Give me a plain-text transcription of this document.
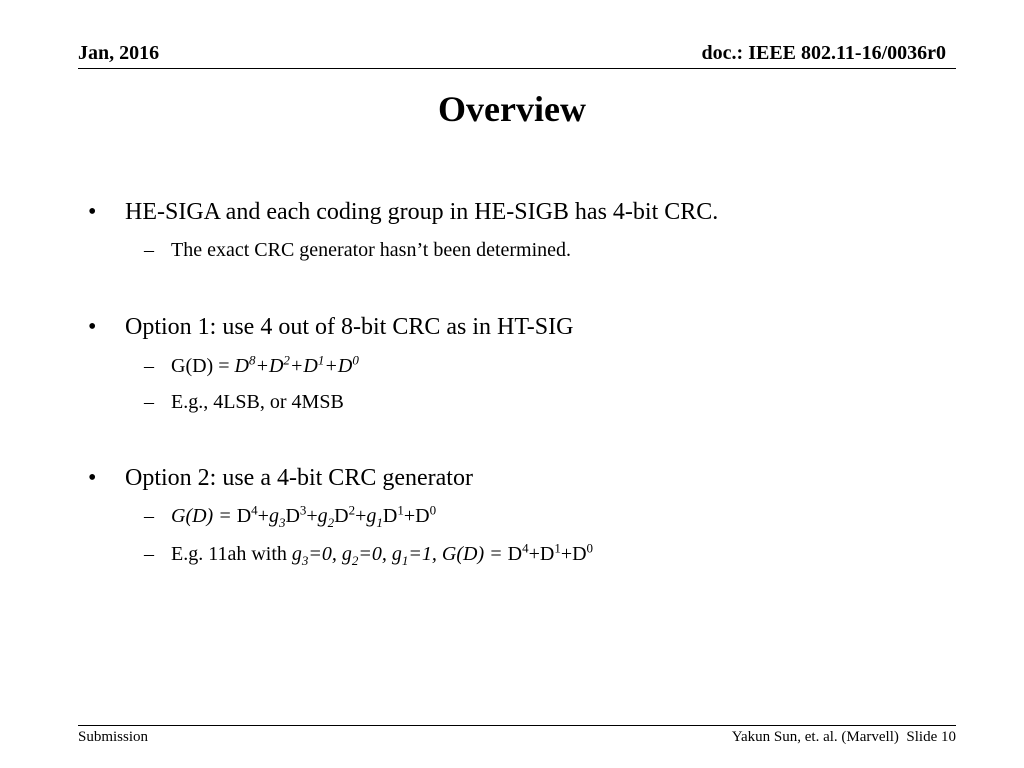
Jan, 2016	doc.: IEEE 802.11-16/0036r0
Overview
• HE-SIGA and each coding group in HE-SIGB has 4-bit CRC.
– The exact CRC generator hasn’t been determined.
• Option 1: use 4 out of 8-bit CRC as in HT-SIG
– $G(D) = D^8+D^2+D^1+D^0$
– E.g., 4LSB, or 4MSB
• Option 2: use a 4-bit CRC generator
– $G(D) = D^4+g_3D^3+g_2D^2+g_1D^1+D^0$
– E.g. 11ah with $g_3=0$, $g_2=0$, $g_1=1$, $G(D) = D^4+D^1+D^0$
Submission	Yakun Sun, et. al. (Marvell) Slide 10
